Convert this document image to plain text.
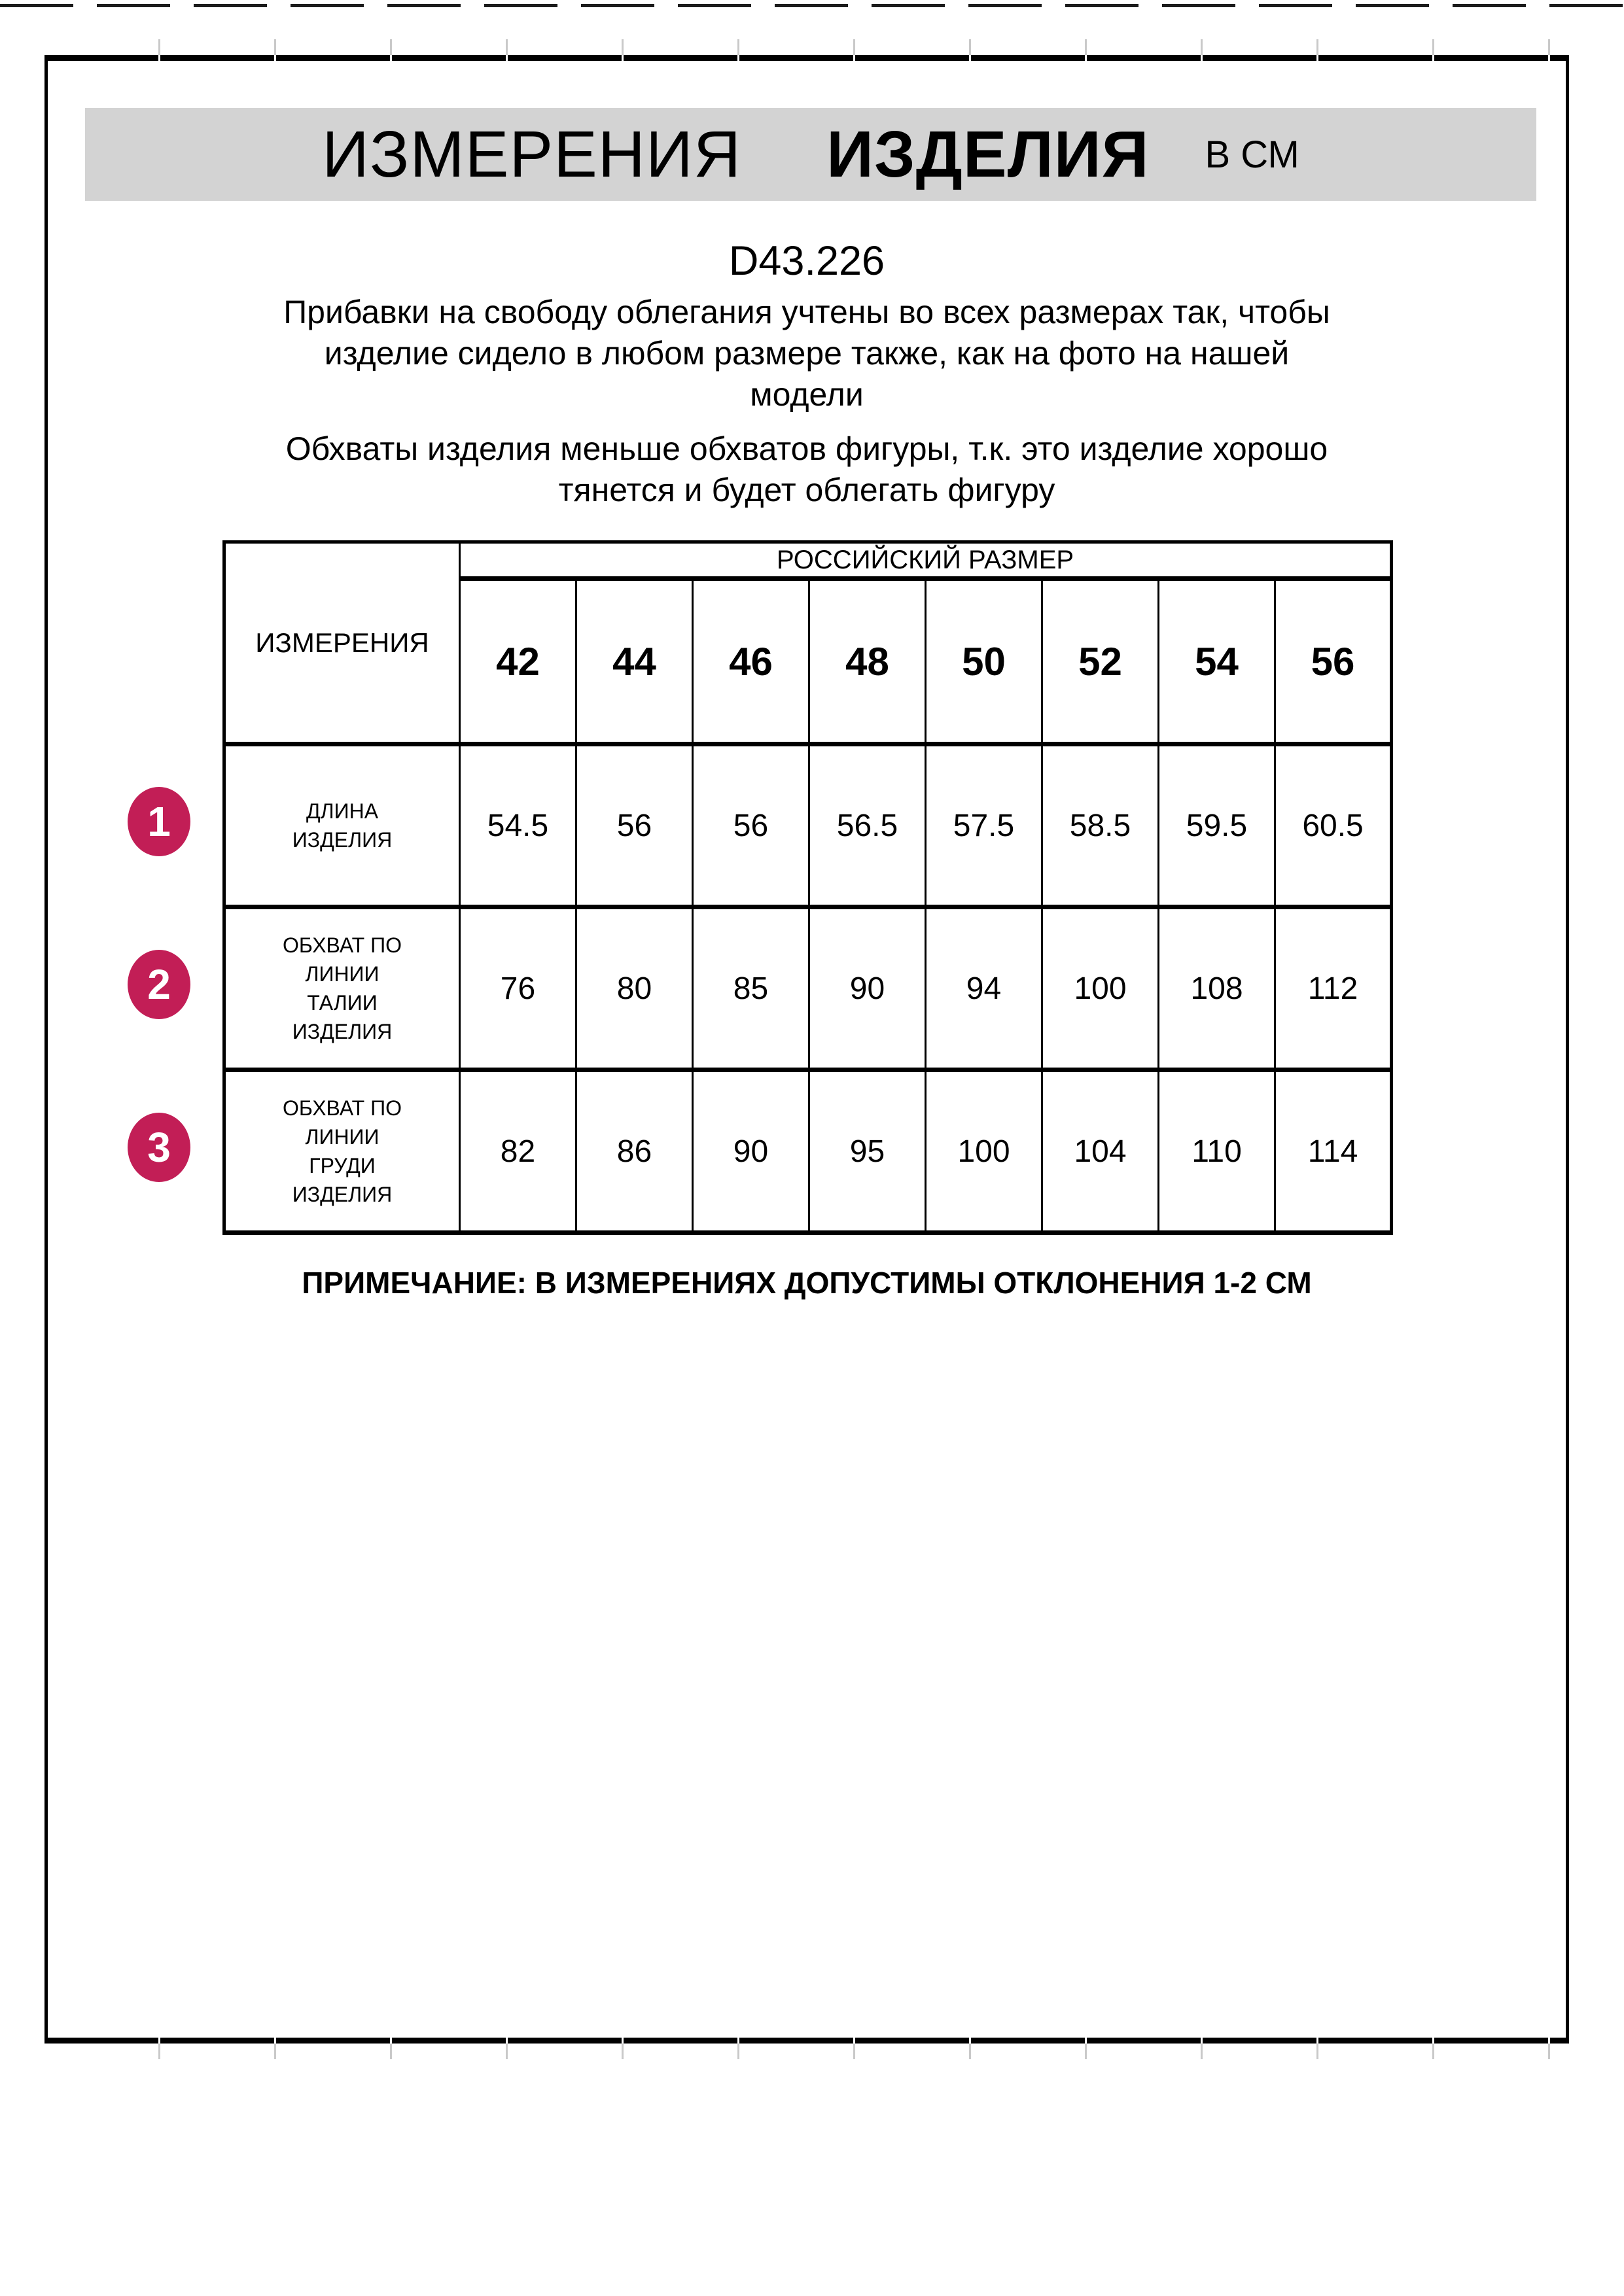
ИЗМЕРЕНИЯ ИЗДЕЛИЯ В СМ
D43.226

Прибавки на свободу облегания учтены во всех размерах так, чтобы
изделие сидело в любом размере также, как на фото на нашей
модели

Обхваты изделия меньше обхватов фигуры, т.к. это изделие хорошо
тянется и будет облегать фигуру

ИЗМЕРЕНИЯ	РОССИЙСКИЙ РАЗМЕР							
	42	44	46	48	50	52	54	56
ДЛИНА ИЗДЕЛИЯ	54.5	56	56	56.5	57.5	58.5	59.5	60.5
ОБХВАТ ПО ЛИНИИ ТАЛИИ ИЗДЕЛИЯ	76	80	85	90	94	100	108	112
ОБХВАТ ПО ЛИНИИ ГРУДИ ИЗДЕЛИЯ	82	86	90	95	100	104	110	114
1
2
3
ПРИМЕЧАНИЕ: В ИЗМЕРЕНИЯХ ДОПУСТИМЫ ОТКЛОНЕНИЯ 1-2 СМ
